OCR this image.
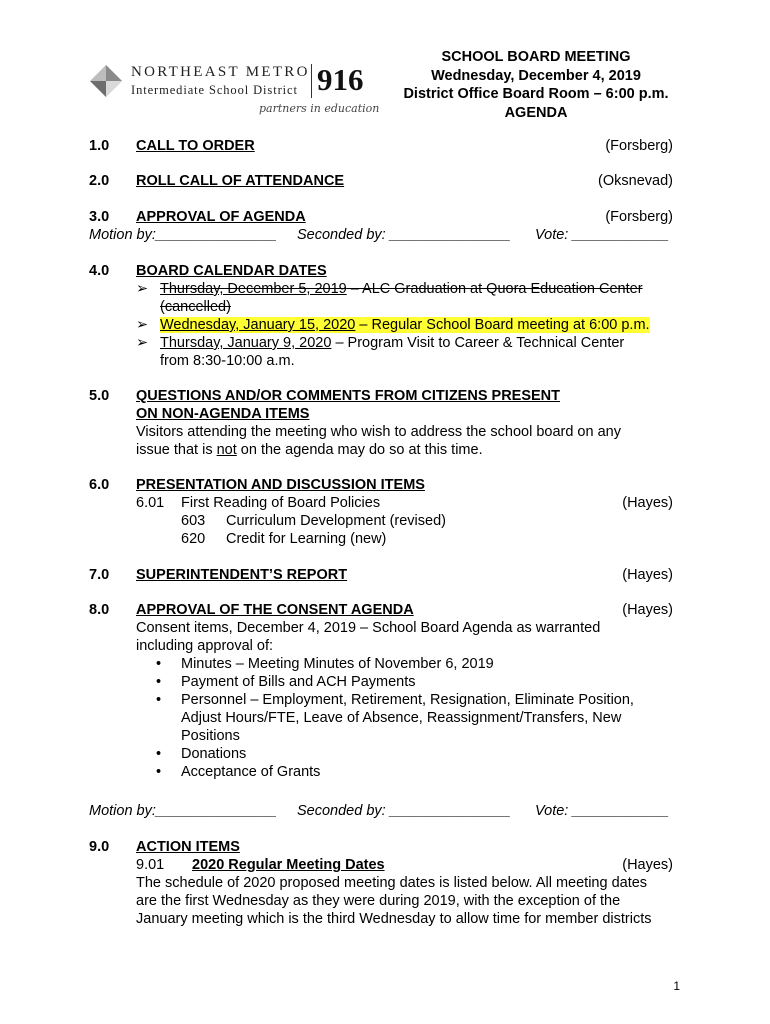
NORTHEAST METRO
Intermediate School District 916
partners in education
SCHOOL BOARD MEETING
Wednesday, December 4, 2019
District Office Board Room – 6:00 p.m.
AGENDA
1.0 CALL TO ORDER	(Forsberg)
2.0 ROLL CALL OF ATTENDANCE	(Oksnevad)
3.0 APPROVAL OF AGENDA	(Forsberg)
Motion by:_______________ Seconded by: _______________ Vote: ____________
4.0 BOARD CALENDAR DATES
➢ Thursday, December 5, 2019 – ALC Graduation at Quora Education Center
(cancelled)
➢ Wednesday, January 15, 2020 – Regular School Board meeting at 6:00 p.m.
➢ Thursday, January 9, 2020 – Program Visit to Career & Technical Center
from 8:30-10:00 a.m.
5.0 QUESTIONS AND/OR COMMENTS FROM CITIZENS PRESENT
ON NON-AGENDA ITEMS
Visitors attending the meeting who wish to address the school board on any
issue that is not on the agenda may do so at this time.
6.0 PRESENTATION AND DISCUSSION ITEMS
6.01 First Reading of Board Policies	(Hayes)
603 Curriculum Development (revised)
620 Credit for Learning (new)
7.0 SUPERINTENDENT’S REPORT	(Hayes)
8.0 APPROVAL OF THE CONSENT AGENDA	(Hayes)
Consent items, December 4, 2019 – School Board Agenda as warranted
including approval of:
• Minutes – Meeting Minutes of November 6, 2019
• Payment of Bills and ACH Payments
• Personnel – Employment, Retirement, Resignation, Eliminate Position, Adjust Hours/FTE, Leave of Absence, Reassignment/Transfers, New Positions
• Donations
• Acceptance of Grants
Motion by:_______________ Seconded by: _______________ Vote: ____________
9.0 ACTION ITEMS
9.01 2020 Regular Meeting Dates	(Hayes)
The schedule of 2020 proposed meeting dates is listed below. All meeting dates
are the first Wednesday as they were during 2019, with the exception of the
January meeting which is the third Wednesday to allow time for member districts
1
